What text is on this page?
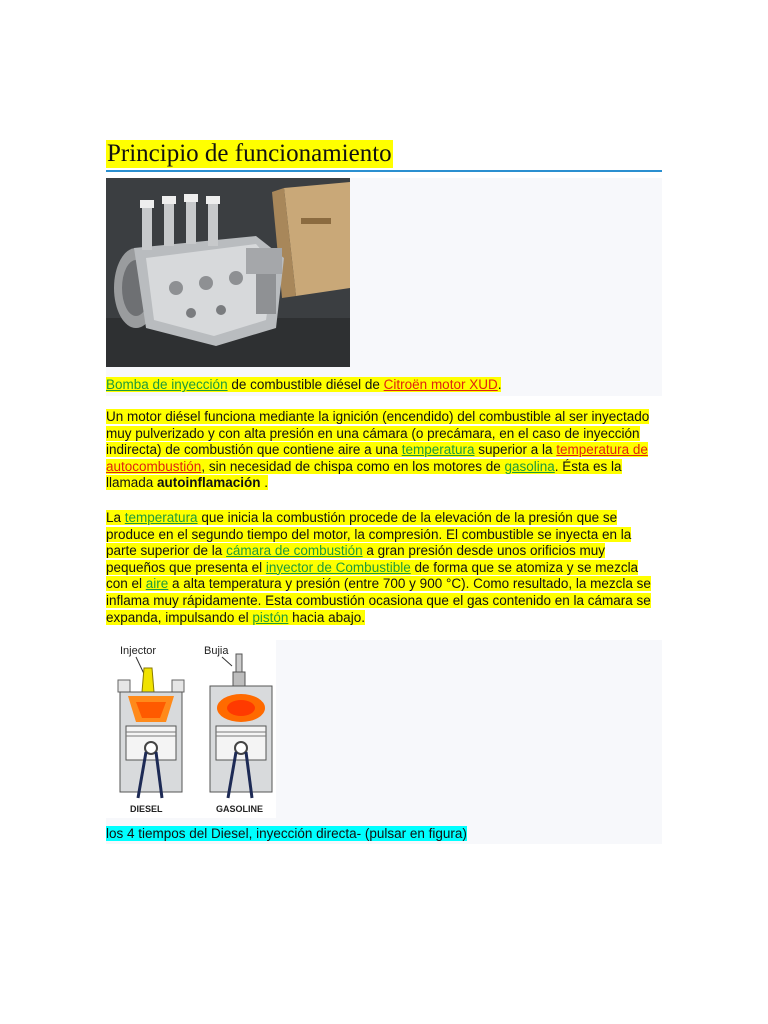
Principio de funcionamiento
Bomba de inyección de combustible diésel de Citroën motor XUD.

Un motor diésel funciona mediante la ignición (encendido) del combustible al ser inyectado muy pulverizado y con alta presión en una cámara (o precámara, en el caso de inyección indirecta) de combustión que contiene aire a una temperatura superior a la temperatura de autocombustión, sin necesidad de chispa como en los motores de gasolina. Ésta es la llamada autoinflamación .

La temperatura que inicia la combustión procede de la elevación de la presión que se produce en el segundo tiempo del motor, la compresión. El combustible se inyecta en la parte superior de la cámara de combustión a gran presión desde unos orificios muy pequeños que presenta el inyector de Combustible de forma que se atomiza y se mezcla con el aire a alta temperatura y presión (entre 700 y 900 °C). Como resultado, la mezcla se inflama muy rápidamente. Esta combustión ocasiona que el gas contenido en la cámara se expanda, impulsando el pistón hacia abajo.

Injector
DIESEL
Bujia
GASOLINE
los 4 tiempos del Diesel, inyección directa- (pulsar en figura)
